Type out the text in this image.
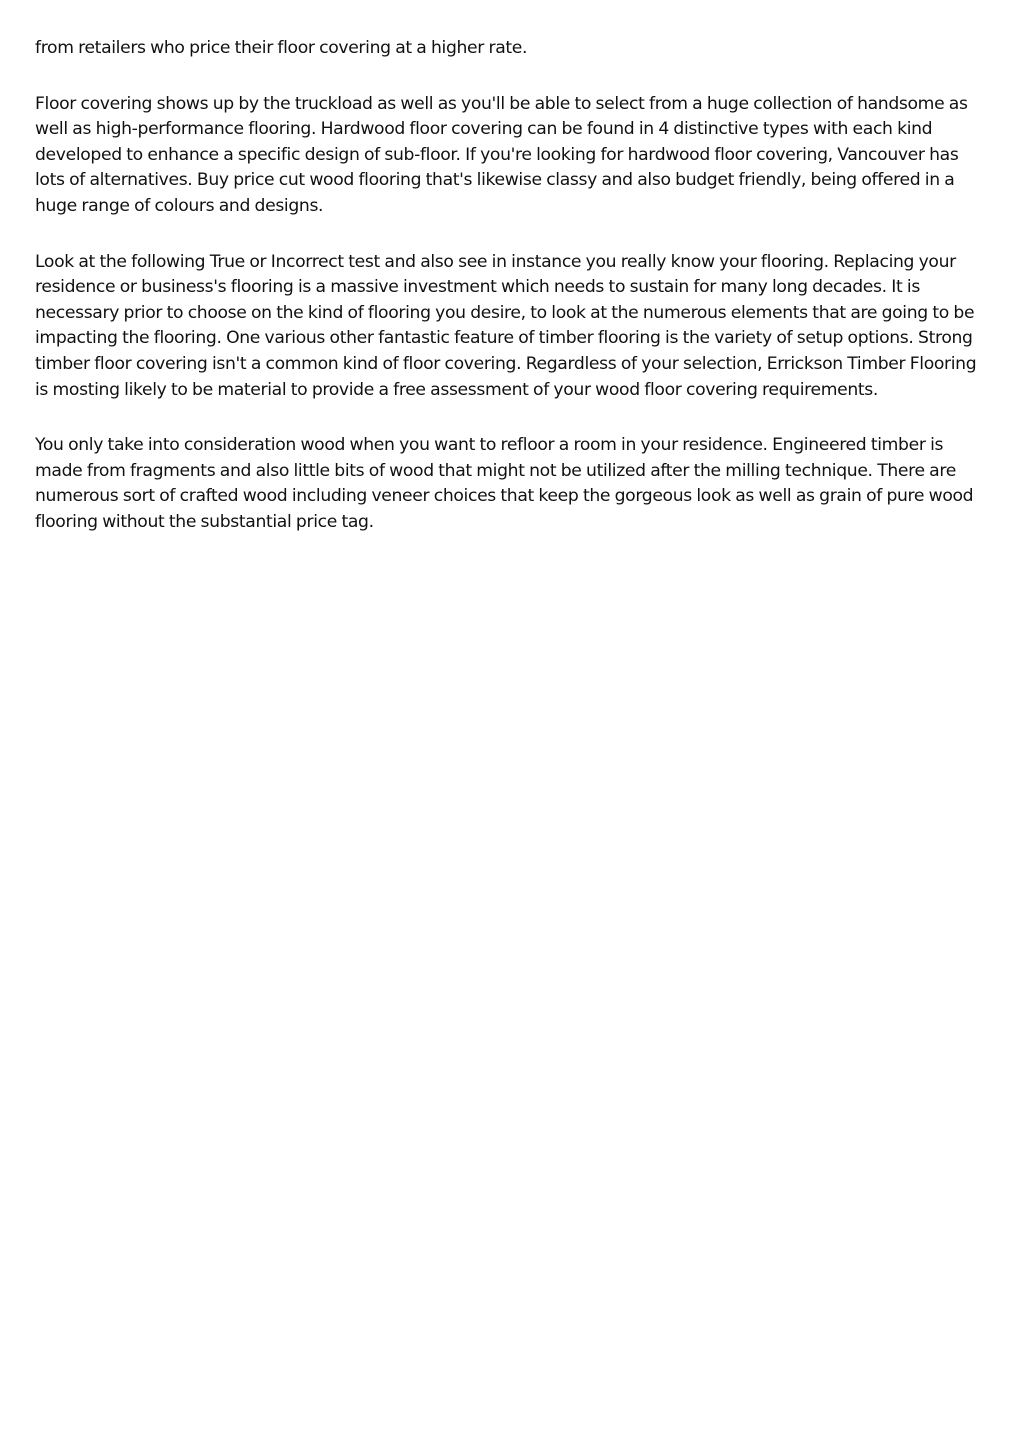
from retailers who price their floor covering at a higher rate.

Floor covering shows up by the truckload as well as you'll be able to select from a huge collection of handsome as well as high-performance flooring. Hardwood floor covering can be found in 4 distinctive types with each kind developed to enhance a specific design of sub-floor. If you're looking for hardwood floor covering, Vancouver has lots of alternatives. Buy price cut wood flooring that's likewise classy and also budget friendly, being offered in a huge range of colours and designs.

Look at the following True or Incorrect test and also see in instance you really know your flooring. Replacing your residence or business's flooring is a massive investment which needs to sustain for many long decades. It is necessary prior to choose on the kind of flooring you desire, to look at the numerous elements that are going to be impacting the flooring. One various other fantastic feature of timber flooring is the variety of setup options. Strong timber floor covering isn't a common kind of floor covering. Regardless of your selection, Errickson Timber Flooring is mosting likely to be material to provide a free assessment of your wood floor covering requirements.

You only take into consideration wood when you want to refloor a room in your residence. Engineered timber is made from fragments and also little bits of wood that might not be utilized after the milling technique. There are numerous sort of crafted wood including veneer choices that keep the gorgeous look as well as grain of pure wood flooring without the substantial price tag.
